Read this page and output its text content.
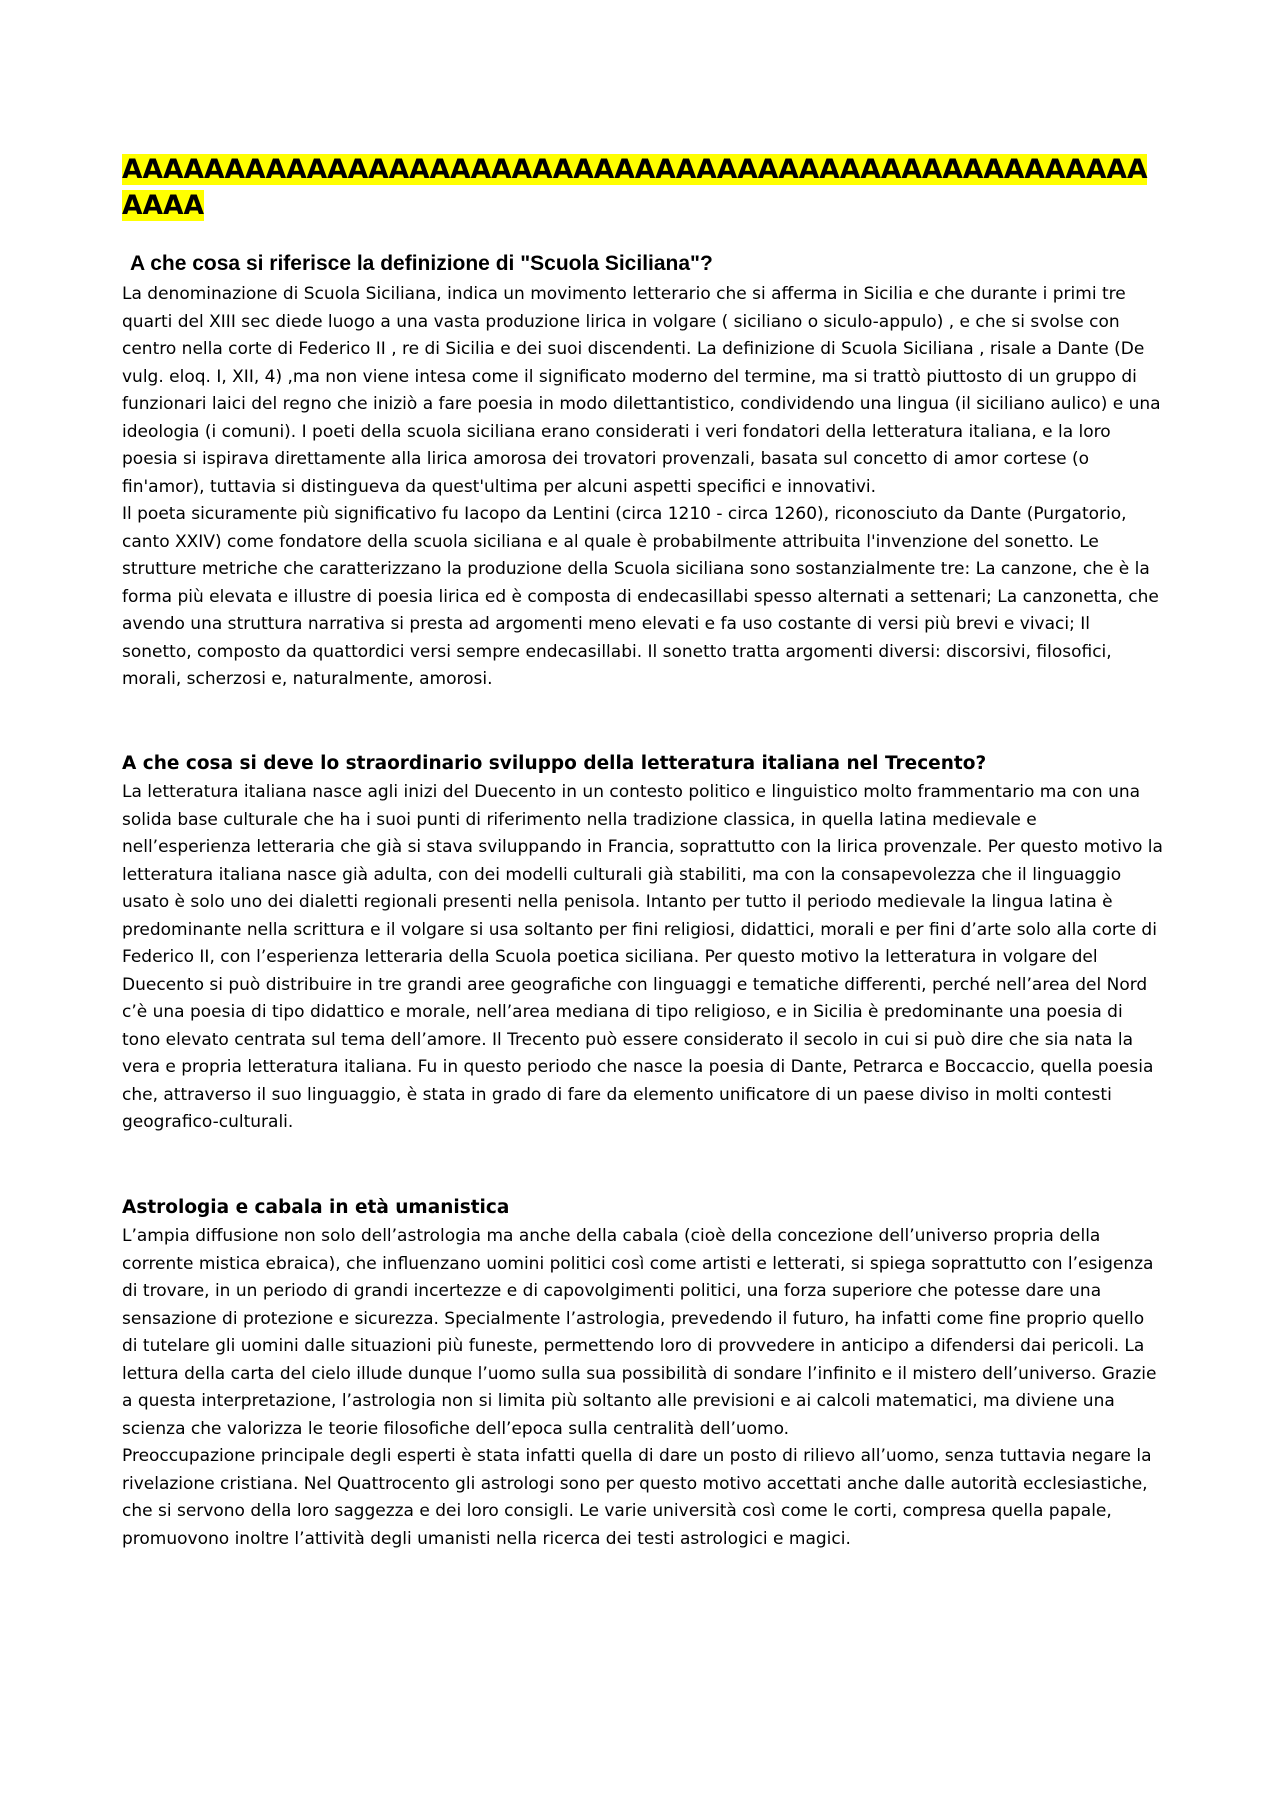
AAAAAAAAAAAAAAAAAAAAAAAAAAAAAAAAAAAAAAAAAAAAAAAAAAAAAA
A che cosa si riferisce la definizione di "Scuola Siciliana"?

La denominazione di Scuola Siciliana, indica un movimento letterario che si afferma in Sicilia e che durante i primi tre quarti del XIII sec diede luogo a una vasta produzione lirica in volgare ( siciliano o siculo-appulo) , e che si svolse con centro nella corte di Federico II , re di Sicilia e dei suoi discendenti. La definizione di Scuola Siciliana , risale a Dante (De vulg. eloq. I, XII, 4) ,ma non viene intesa come il significato moderno del termine, ma si trattò piuttosto di un gruppo di funzionari laici del regno che iniziò a fare poesia in modo dilettantistico, condividendo una lingua (il siciliano aulico) e una ideologia (i comuni). I poeti della scuola siciliana erano considerati i veri fondatori della letteratura italiana, e la loro poesia si ispirava direttamente alla lirica amorosa dei trovatori provenzali, basata sul concetto di amor cortese (o fin'amor), tuttavia si distingueva da quest'ultima per alcuni aspetti specifici e innovativi.

Il poeta sicuramente più significativo fu Iacopo da Lentini (circa 1210 - circa 1260), riconosciuto da Dante (Purgatorio, canto XXIV) come fondatore della scuola siciliana e al quale è probabilmente attribuita l'invenzione del sonetto. Le strutture metriche che caratterizzano la produzione della Scuola siciliana sono sostanzialmente tre: La canzone, che è la forma più elevata e illustre di poesia lirica ed è composta di endecasillabi spesso alternati a settenari; La canzonetta, che avendo una struttura narrativa si presta ad argomenti meno elevati e fa uso costante di versi più brevi e vivaci; Il sonetto, composto da quattordici versi sempre endecasillabi. Il sonetto tratta argomenti diversi: discorsivi, filosofici, morali, scherzosi e, naturalmente, amorosi.

A che cosa si deve lo straordinario sviluppo della letteratura italiana nel Trecento?

La letteratura italiana nasce agli inizi del Duecento in un contesto politico e linguistico molto frammentario ma con una solida base culturale che ha i suoi punti di riferimento nella tradizione classica, in quella latina medievale e nell’esperienza letteraria che già si stava sviluppando in Francia, soprattutto con la lirica provenzale. Per questo motivo la letteratura italiana nasce già adulta, con dei modelli culturali già stabiliti, ma con la consapevolezza che il linguaggio usato è solo uno dei dialetti regionali presenti nella penisola. Intanto per tutto il periodo medievale la lingua latina è predominante nella scrittura e il volgare si usa soltanto per fini religiosi, didattici, morali e per fini d’arte solo alla corte di Federico II, con l’esperienza letteraria della Scuola poetica siciliana. Per questo motivo la letteratura in volgare del Duecento si può distribuire in tre grandi aree geografiche con linguaggi e tematiche differenti, perché nell’area del Nord c’è una poesia di tipo didattico e morale, nell’area mediana di tipo religioso, e in Sicilia è predominante una poesia di tono elevato centrata sul tema dell’amore. Il Trecento può essere considerato il secolo in cui si può dire che sia nata la vera e propria letteratura italiana. Fu in questo periodo che nasce la poesia di Dante, Petrarca e Boccaccio, quella poesia che, attraverso il suo linguaggio, è stata in grado di fare da elemento unificatore di un paese diviso in molti contesti geografico-culturali.

Astrologia e cabala in età umanistica

L’ampia diffusione non solo dell’astrologia ma anche della cabala (cioè della concezione dell’universo propria della corrente mistica ebraica), che influenzano uomini politici così come artisti e letterati, si spiega soprattutto con l’esigenza di trovare, in un periodo di grandi incertezze e di capovolgimenti politici, una forza superiore che potesse dare una sensazione di protezione e sicurezza. Specialmente l’astrologia, prevedendo il futuro, ha infatti come fine proprio quello di tutelare gli uomini dalle situazioni più funeste, permettendo loro di provvedere in anticipo a difendersi dai pericoli. La lettura della carta del cielo illude dunque l’uomo sulla sua possibilità di sondare l’infinito e il mistero dell’universo. Grazie a questa interpretazione, l’astrologia non si limita più soltanto alle previsioni e ai calcoli matematici, ma diviene una scienza che valorizza le teorie filosofiche dell’epoca sulla centralità dell’uomo.

Preoccupazione principale degli esperti è stata infatti quella di dare un posto di rilievo all’uomo, senza tuttavia negare la rivelazione cristiana. Nel Quattrocento gli astrologi sono per questo motivo accettati anche dalle autorità ecclesiastiche, che si servono della loro saggezza e dei loro consigli. Le varie università così come le corti, compresa quella papale, promuovono inoltre l’attività degli umanisti nella ricerca dei testi astrologici e magici.
